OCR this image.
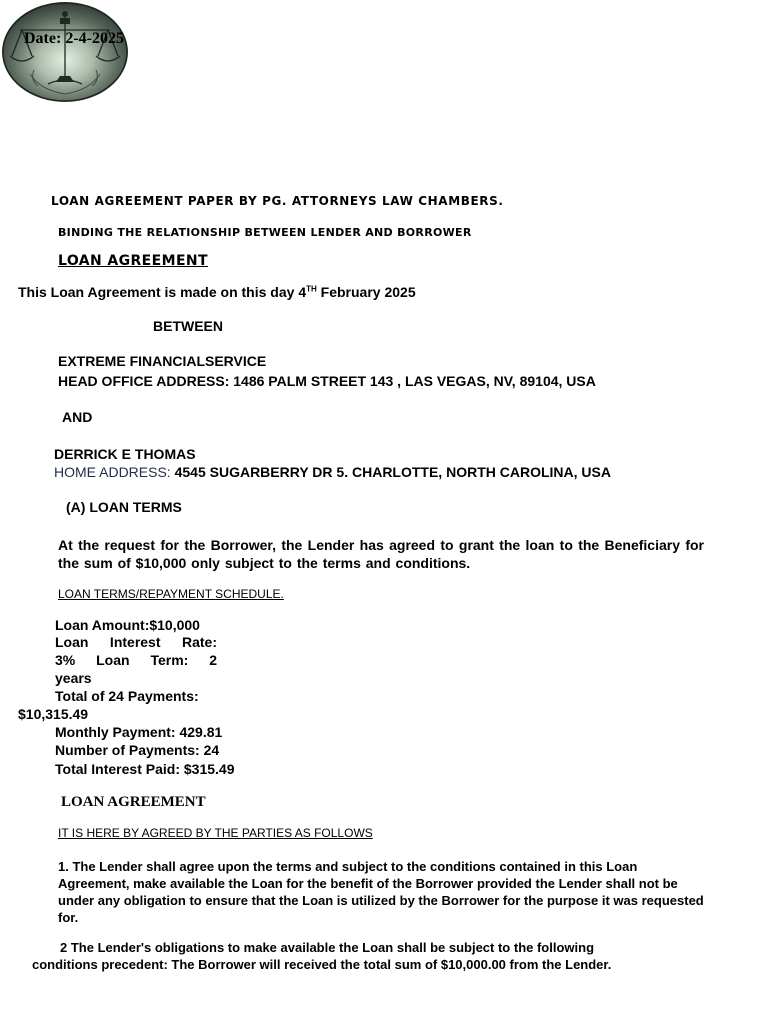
Date: 2-4-2025
LOAN AGREEMENT PAPER BY PG. ATTORNEYS LAW CHAMBERS.
BINDING THE RELATIONSHIP BETWEEN LENDER AND BORROWER
LOAN AGREEMENT
This Loan Agreement is made on this day 4TH February 2025
BETWEEN
EXTREME FINANCIALSERVICE
HEAD OFFICE ADDRESS: 1486 PALM STREET 143 , LAS VEGAS, NV, 89104, USA
AND
DERRICK E THOMAS
HOME ADDRESS: 4545 SUGARBERRY DR 5. CHARLOTTE, NORTH CAROLINA, USA
(A) LOAN TERMS
At the request for the Borrower, the Lender has agreed to grant the loan to the Beneficiary for the sum of $10,000 only subject to the terms and conditions.
LOAN TERMS/REPAYMENT SCHEDULE.
Loan Amount:$10,000
Loan Interest Rate:
3% Loan Term: 2
years
Total of 24 Payments:
$10,315.49
Monthly Payment: 429.81
Number of Payments: 24
Total Interest Paid: $315.49
LOAN AGREEMENT
IT IS HERE BY AGREED BY THE PARTIES AS FOLLOWS
1. The Lender shall agree upon the terms and subject to the conditions contained in this Loan Agreement, make available the Loan for the benefit of the Borrower provided the Lender shall not be under any obligation to ensure that the Loan is utilized by the Borrower for the purpose it was requested for.
2 The Lender's obligations to make available the Loan shall be subject to the following
conditions precedent: The Borrower will received the total sum of $10,000.00 from the Lender.
